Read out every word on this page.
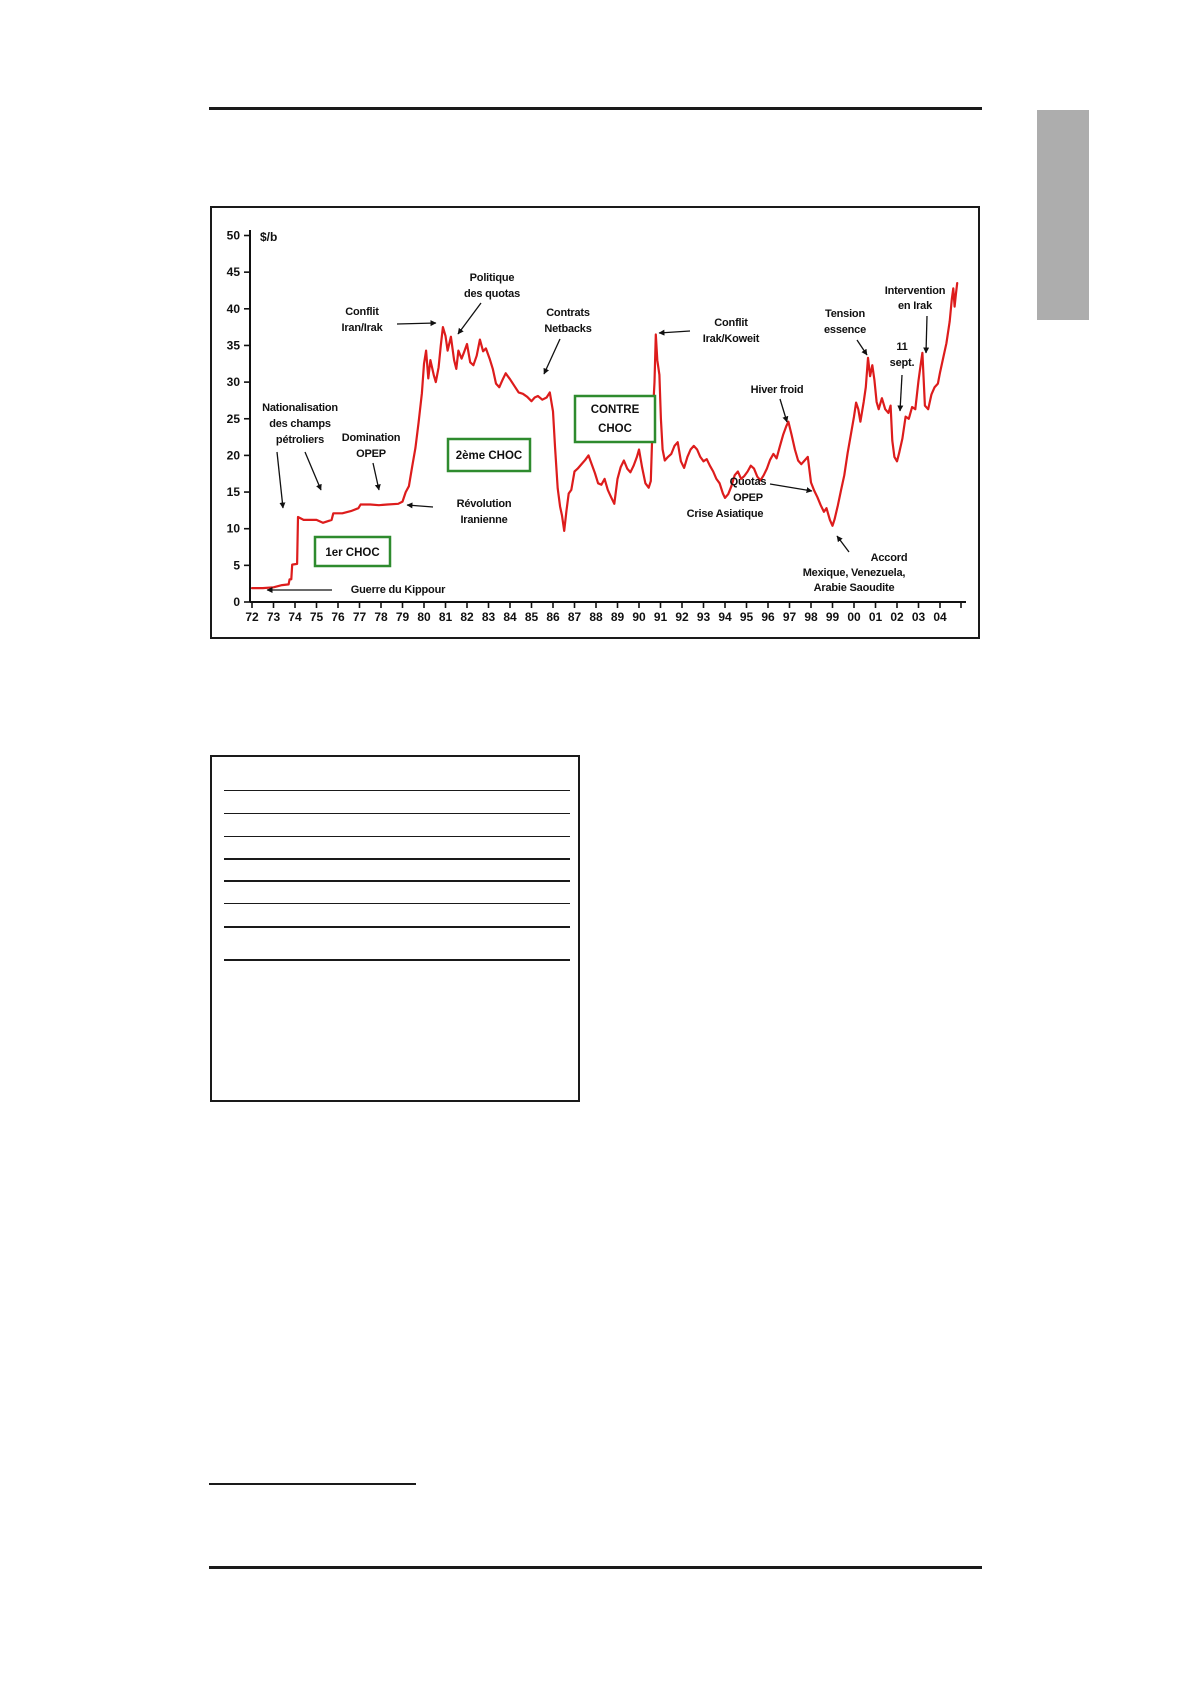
0
5
10
15
20
25
30
35
40
45
50 $/b
72 73 74 75 76 77 78 79 80 81 82 83 84 85 86 87 88 89 90 91 92 93 94 95 96 97 98 99 00 01 02 03 04
1er CHOC
2ème CHOC
CONTRE
CHOC
Nationalisation
des champs
pétroliers
Guerre du Kippour
Domination
OPEP
Conflit
Iran/Irak
Politique
des quotas
Révolution
Iranienne
Contrats
Netbacks	Conflit
Irak/Koweit
Hiver froid
Quotas
OPEP
Crise Asiatique
Accord
Mexique, Venezuela,
Arabie Saoudite
Tension
essence
11
sept.
Intervention
en Irak
